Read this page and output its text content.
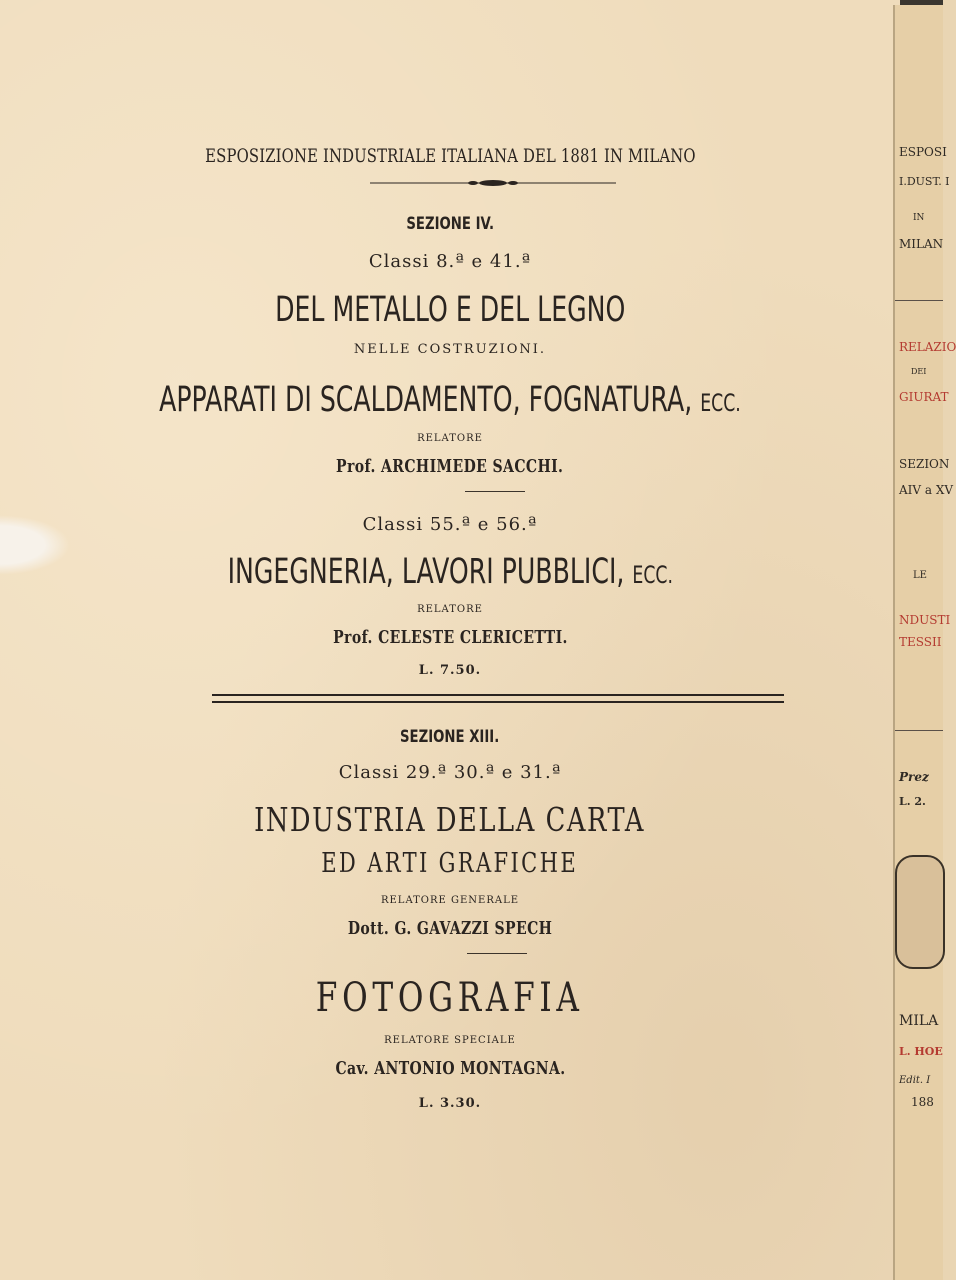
ESPOSIZIONE INDUSTRIALE ITALIANA DEL 1881 IN MILANO
SEZIONE IV.
Classi 8.ª e 41.ª
DEL METALLO E DEL LEGNO
NELLE COSTRUZIONI.
APPARATI DI SCALDAMENTO, FOGNATURA, ECC.
RELATORE
Prof. ARCHIMEDE SACCHI.
Classi 55.ª e 56.ª
INGEGNERIA, LAVORI PUBBLICI, ECC.
RELATORE
Prof. CELESTE CLERICETTI.
L. 7.50.
SEZIONE XIII.
Classi 29.ª 30.ª e 31.ª
INDUSTRIA DELLA CARTA
ED ARTI GRAFICHE
RELATORE GENERALE
Dott. G. GAVAZZI SPECH
FOTOGRAFIA
RELATORE SPECIALE
Cav. ANTONIO MONTAGNA.
L. 3.30.
ESPOSI
I.DUST. I
IN
MILAN
RELAZIO
DEI
GIURAT
SEZION
AIV a XV
LE
NDUSTI
TESSII
Prez
L. 2.
MILA
L. HOE
Edit. I
188
